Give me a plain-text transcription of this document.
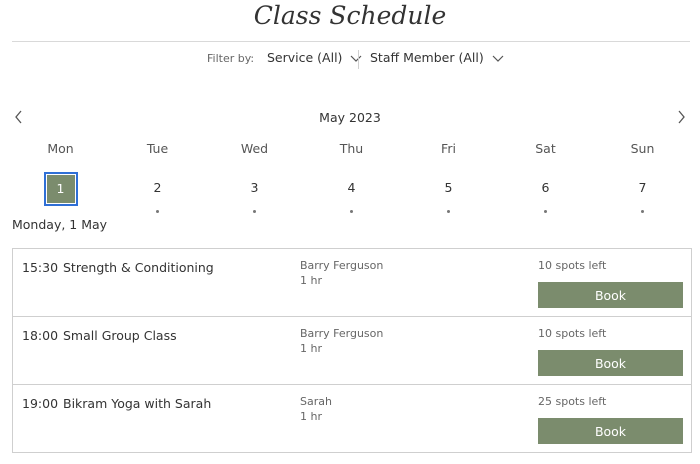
Class Schedule
Filter by: Service (All)	Staff Member (All)
May 2023
Mon
1
Tue
2
Wed
3
Thu
4
Fri
5
Sat
6
Sun
7
Monday, 1 May
15:30 Strength & Conditioning	Barry Ferguson
1 hr
10 spots left
Book
18:00 Small Group Class	Barry Ferguson
1 hr
10 spots left
Book
19:00 Bikram Yoga with Sarah	Sarah
1 hr
25 spots left
Book
